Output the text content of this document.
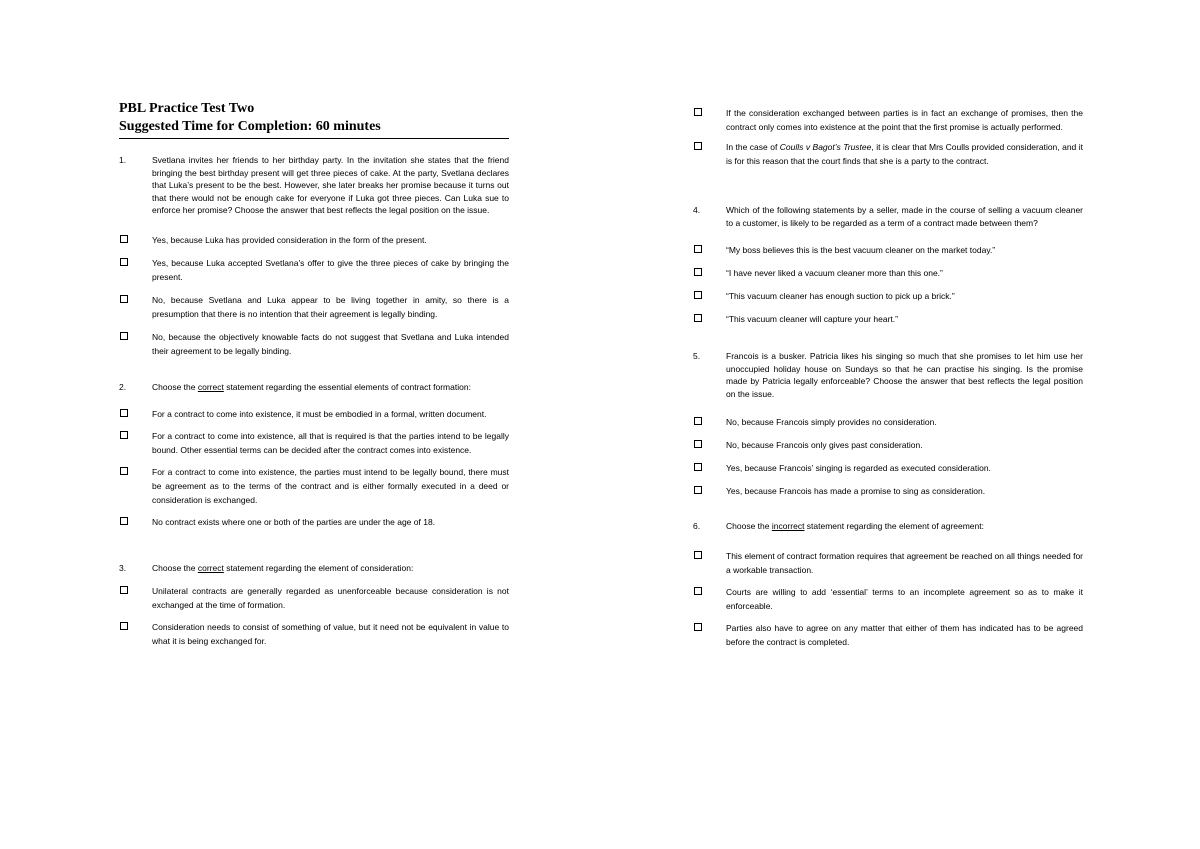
PBL Practice Test Two
Suggested Time for Completion: 60 minutes
1.	Svetlana invites her friends to her birthday party. In the invitation she states that the friend bringing the best birthday present will get three pieces of cake. At the party, Svetlana declares that Luka’s present to be the best. However, she later breaks her promise because it turns out that there would not be enough cake for everyone if Luka got three pieces. Can Luka sue to enforce her promise? Choose the answer that best reflects the legal position on the issue.
Yes, because Luka has provided consideration in the form of the present.
Yes, because Luka accepted Svetlana’s offer to give the three pieces of cake by bringing the present.
No, because Svetlana and Luka appear to be living together in amity, so there is a presumption that there is no intention that their agreement is legally binding.
No, because the objectively knowable facts do not suggest that Svetlana and Luka intended their agreement to be legally binding.
2.	Choose the correct statement regarding the essential elements of contract formation:
For a contract to come into existence, it must be embodied in a formal, written document.
For a contract to come into existence, all that is required is that the parties intend to be legally bound. Other essential terms can be decided after the contract comes into existence.
For a contract to come into existence, the parties must intend to be legally bound, there must be agreement as to the terms of the contract and is either formally executed in a deed or consideration is exchanged.
No contract exists where one or both of the parties are under the age of 18.
3.	Choose the correct statement regarding the element of consideration:
Unilateral contracts are generally regarded as unenforceable because consideration is not exchanged at the time of formation.
Consideration needs to consist of something of value, but it need not be equivalent in value to what it is being exchanged for.
If the consideration exchanged between parties is in fact an exchange of promises, then the contract only comes into existence at the point that the first promise is actually performed.
In the case of Coulls v Bagot’s Trustee, it is clear that Mrs Coulls provided consideration, and it is for this reason that the court finds that she is a party to the contract.
4.	Which of the following statements by a seller, made in the course of selling a vacuum cleaner to a customer, is likely to be regarded as a term of a contract made between them?
“My boss believes this is the best vacuum cleaner on the market today.”
“I have never liked a vacuum cleaner more than this one.”
“This vacuum cleaner has enough suction to pick up a brick.”
“This vacuum cleaner will capture your heart.”
5.	Francois is a busker. Patricia likes his singing so much that she promises to let him use her unoccupied holiday house on Sundays so that he can practise his singing. Is the promise made by Patricia legally enforceable? Choose the answer that best reflects the legal position on the issue.
No, because Francois simply provides no consideration.
No, because Francois only gives past consideration.
Yes, because Francois’ singing is regarded as executed consideration.
Yes, because Francois has made a promise to sing as consideration.
6.	Choose the incorrect statement regarding the element of agreement:
This element of contract formation requires that agreement be reached on all things needed for a workable transaction.
Courts are willing to add ‘essential’ terms to an incomplete agreement so as to make it enforceable.
Parties also have to agree on any matter that either of them has indicated has to be agreed before the contract is completed.
